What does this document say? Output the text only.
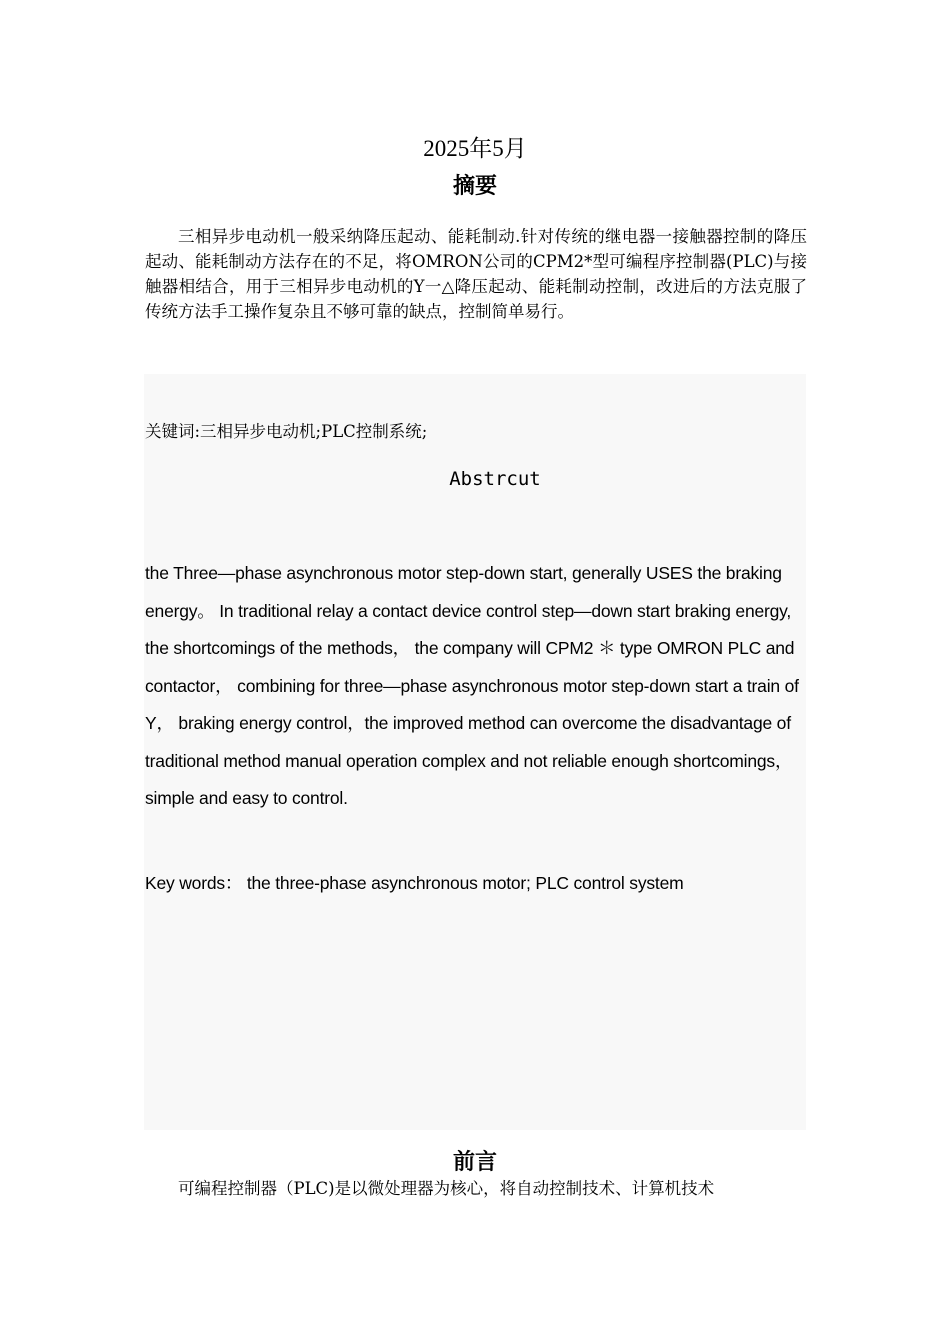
2025年5月
摘要

三相异步电动机一般采纳降压起动、能耗制动.针对传统的继电器一接触器控制的降压起动、能耗制动方法存在的不足，将OMRON公司的CPM2*型可编程序控制器(PLC)与接触器相结合，用于三相异步电动机的Y一△降压起动、能耗制动控制，改进后的方法克服了传统方法手工操作复杂且不够可靠的缺点，控制简单易行。

关键词:三相异步电动机;PLC控制系统;

Abstrcut

the Three—phase asynchronous motor step-down start, generally USES the braking energy。 In traditional relay a contact device control step—down start braking energy, the shortcomings of the methods， the company will CPM2 ＊ type OMRON PLC and contactor， combining for three—phase asynchronous motor step-down start a train of Y， braking energy control，the improved method can overcome the disadvantage of traditional method manual operation complex and not reliable enough shortcomings， simple and easy to control.

Key words： the three-phase asynchronous motor; PLC control system

前言

可编程控制器（PLC)是以微处理器为核心，将自动控制技术、计算机技术
